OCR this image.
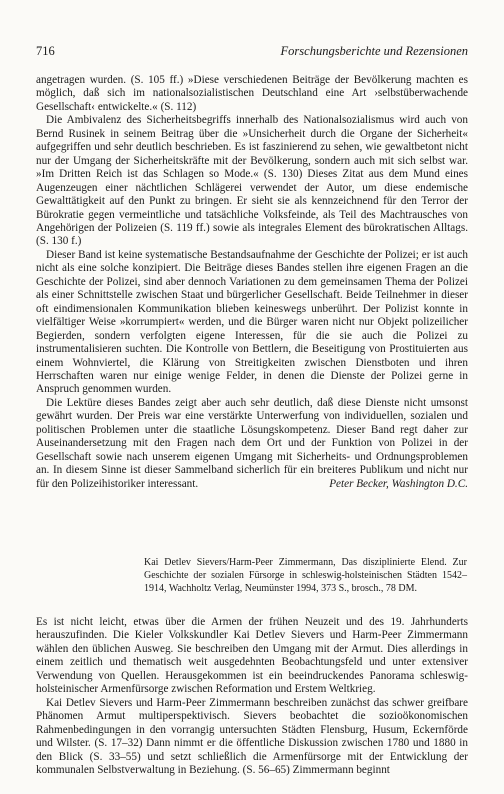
716	Forschungsberichte und Rezensionen

angetragen wurden. (S. 105 ff.) »Diese verschiedenen Beiträge der Bevölkerung machten es möglich, daß sich im nationalsozialistischen Deutschland eine Art ›selbstüberwachende Gesellschaft‹ entwickelte.« (S. 112)

Die Ambivalenz des Sicherheitsbegriffs innerhalb des Nationalsozialismus wird auch von Bernd Rusinek in seinem Beitrag über die »Unsicherheit durch die Organe der Sicherheit« aufgegriffen und sehr deutlich beschrieben. Es ist faszinierend zu sehen, wie gewaltbetont nicht nur der Umgang der Sicherheitskräfte mit der Bevölkerung, sondern auch mit sich selbst war. »Im Dritten Reich ist das Schlagen so Mode.« (S. 130) Dieses Zitat aus dem Mund eines Augenzeugen einer nächtlichen Schlägerei verwendet der Autor, um diese endemische Gewalttätigkeit auf den Punkt zu bringen. Er sieht sie als kennzeichnend für den Terror der Bürokratie gegen vermeintliche und tatsächliche Volksfeinde, als Teil des Machtrausches von Angehörigen der Polizeien (S. 119 ff.) sowie als integrales Element des bürokratischen Alltags. (S. 130 f.)

Dieser Band ist keine systematische Bestandsaufnahme der Geschichte der Polizei; er ist auch nicht als eine solche konzipiert. Die Beiträge dieses Bandes stellen ihre eigenen Fragen an die Geschichte der Polizei, sind aber dennoch Variationen zu dem gemeinsamen Thema der Polizei als einer Schnittstelle zwischen Staat und bürgerlicher Gesellschaft. Beide Teilnehmer in dieser oft eindimensionalen Kommunikation blieben keineswegs unberührt. Der Polizist konnte in vielfältiger Weise »korrumpiert« werden, und die Bürger waren nicht nur Objekt polizeilicher Begierden, sondern verfolgten eigene Interessen, für die sie auch die Polizei zu instrumentalisieren suchten. Die Kontrolle von Bettlern, die Beseitigung von Prostituierten aus einem Wohnviertel, die Klärung von Streitigkeiten zwischen Dienstboten und ihren Herrschaften waren nur einige wenige Felder, in denen die Dienste der Polizei gerne in Anspruch genommen wurden.

Die Lektüre dieses Bandes zeigt aber auch sehr deutlich, daß diese Dienste nicht umsonst gewährt wurden. Der Preis war eine verstärkte Unterwerfung von individuellen, sozialen und politischen Problemen unter die staatliche Lösungskompetenz. Dieser Band regt daher zur Auseinandersetzung mit den Fragen nach dem Ort und der Funktion von Polizei in der Gesellschaft sowie nach unserem eigenen Umgang mit Sicherheits- und Ordnungsproblemen an. In diesem Sinne ist dieser Sammelband sicherlich für ein breiteres Publikum und nicht nur für den Polizeihistoriker interessant.	Peter Becker, Washington D.C.

Kai Detlev Sievers/Harm-Peer Zimmermann, Das disziplinierte Elend. Zur Geschichte der sozialen Fürsorge in schleswig-holsteinischen Städten 1542–1914, Wachholtz Verlag, Neumünster 1994, 373 S., brosch., 78 DM.

Es ist nicht leicht, etwas über die Armen der frühen Neuzeit und des 19. Jahrhunderts herauszufinden. Die Kieler Volkskundler Kai Detlev Sievers und Harm-Peer Zimmermann wählen den üblichen Ausweg. Sie beschreiben den Umgang mit der Armut. Dies allerdings in einem zeitlich und thematisch weit ausgedehnten Beobachtungsfeld und unter extensiver Verwendung von Quellen. Herausgekommen ist ein beeindruckendes Panorama schleswig-holsteinischer Armenfürsorge zwischen Reformation und Erstem Weltkrieg.

Kai Detlev Sievers und Harm-Peer Zimmermann beschreiben zunächst das schwer greifbare Phänomen Armut multiperspektivisch. Sievers beobachtet die sozioökonomischen Rahmenbedingungen in den vorrangig untersuchten Städten Flensburg, Husum, Eckernförde und Wilster. (S. 17–32) Dann nimmt er die öffentliche Diskussion zwischen 1780 und 1880 in den Blick (S. 33–55) und setzt schließlich die Armenfürsorge mit der Entwicklung der kommunalen Selbstverwaltung in Beziehung. (S. 56–65) Zimmermann beginnt
